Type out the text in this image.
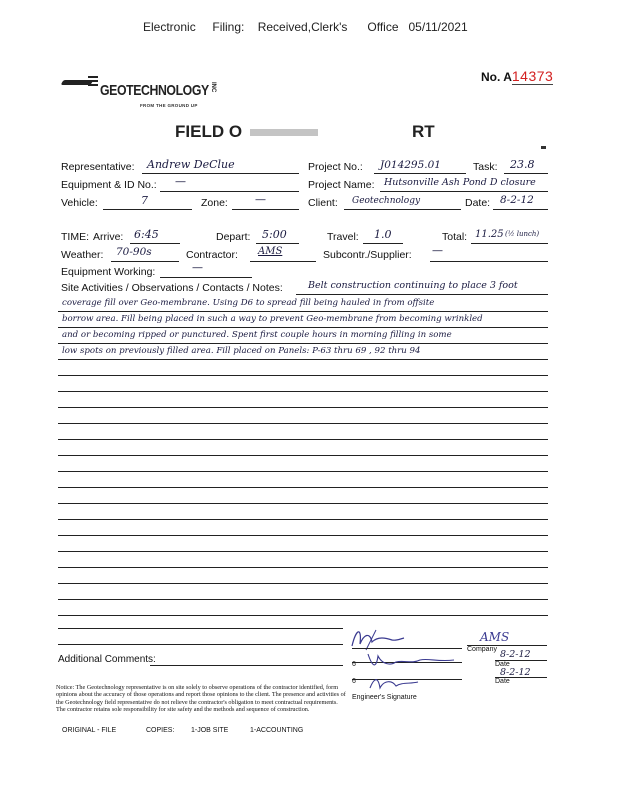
Electronic     Filing:    Received,Clerk's      Office   05/11/2021
GEOTECHNOLOGY INC
FROM THE GROUND UP
No. A14373
FIELD O	RT
Representative: Andrew DeClue	Project No.: J014295.01	Task: 23.8
Equipment & ID No.: —	Project Name: Hutsonville Ash Pond D closure
Vehicle:	7	Zone: —	Client: Geotechnology	Date: 8-2-12
TIME: Arrive: 6:45	Depart: 5:00	Travel: 1.0	Total: 11.25 (½ lunch)
Weather: 70-90s	Contractor: AMS	Subcontr./Supplier: —
Equipment Working:	—
Site Activities / Observations / Contacts / Notes:	Belt construction continuing to place 3 foot
coverage fill over Geo-membrane. Using D6 to spread fill being hauled in from offsite
borrow area. Fill being placed in such a way to prevent Geo-membrane from becoming wrinkled
and or becoming ripped or punctured. Spent first couple hours in morning filling in some
low spots on previously filled area. Fill placed on Panels: P-63 thru 69 , 92 thru 94
Additional Comments:	6
6
Engineer's Signature
AMS
Company 8-2-12
Date
8-2-12
Date
Notice: The Geotechnology representative is on site solely to observe operations of the contractor identified, form opinions about the accuracy of those operations and report those opinions to the client. The presence and activities of the Geotechnology field representative do not relieve the contractor's obligation to meet contractual requirements. The contractor retains sole responsibility for site safety and the methods and sequence of construction.
ORIGINAL - FILE	COPIES: 1-JOB SITE	1-ACCOUNTING
